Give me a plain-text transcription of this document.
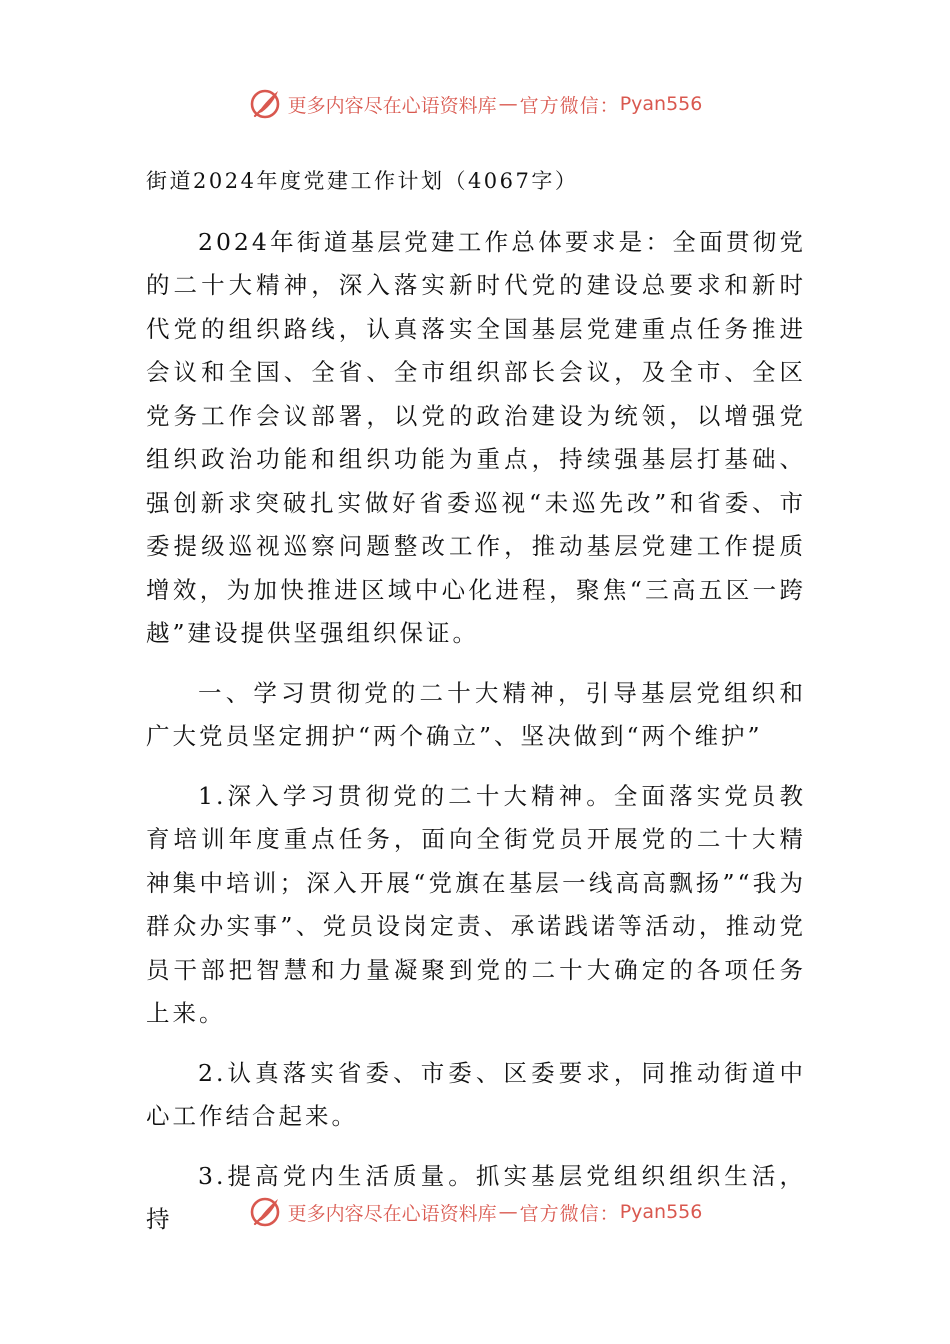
更多内容尽在心语资料库 — 官方微信： Pyan556
街道2024年度党建工作计划（4067字）

2024年街道基层党建工作总体要求是：全面贯彻党的二十大精神，深入落实新时代党的建设总要求和新时代党的组织路线，认真落实全国基层党建重点任务推进会议和全国、全省、全市组织部长会议，及全市、全区党务工作会议部署，以党的政治建设为统领，以增强党组织政治功能和组织功能为重点，持续强基层打基础、强创新求突破扎实做好省委巡视“未巡先改”和省委、市委提级巡视巡察问题整改工作，推动基层党建工作提质增效，为加快推进区域中心化进程，聚焦“三高五区一跨越”建设提供坚强组织保证。

一、学习贯彻党的二十大精神，引导基层党组织和广大党员坚定拥护“两个确立”、坚决做到“两个维护”

1.深入学习贯彻党的二十大精神。全面落实党员教育培训年度重点任务，面向全街党员开展党的二十大精神集中培训；深入开展“党旗在基层一线高高飘扬”“我为群众办实事”、党员设岗定责、承诺践诺等活动，推动党员干部把智慧和力量凝聚到党的二十大确定的各项任务上来。

2.认真落实省委、市委、区委要求，同推动街道中心工作结合起来。

3.提高党内生活质量。抓实基层党组织组织生活，持	更多内容尽在心语资料库 — 官方微信： Pyan556
